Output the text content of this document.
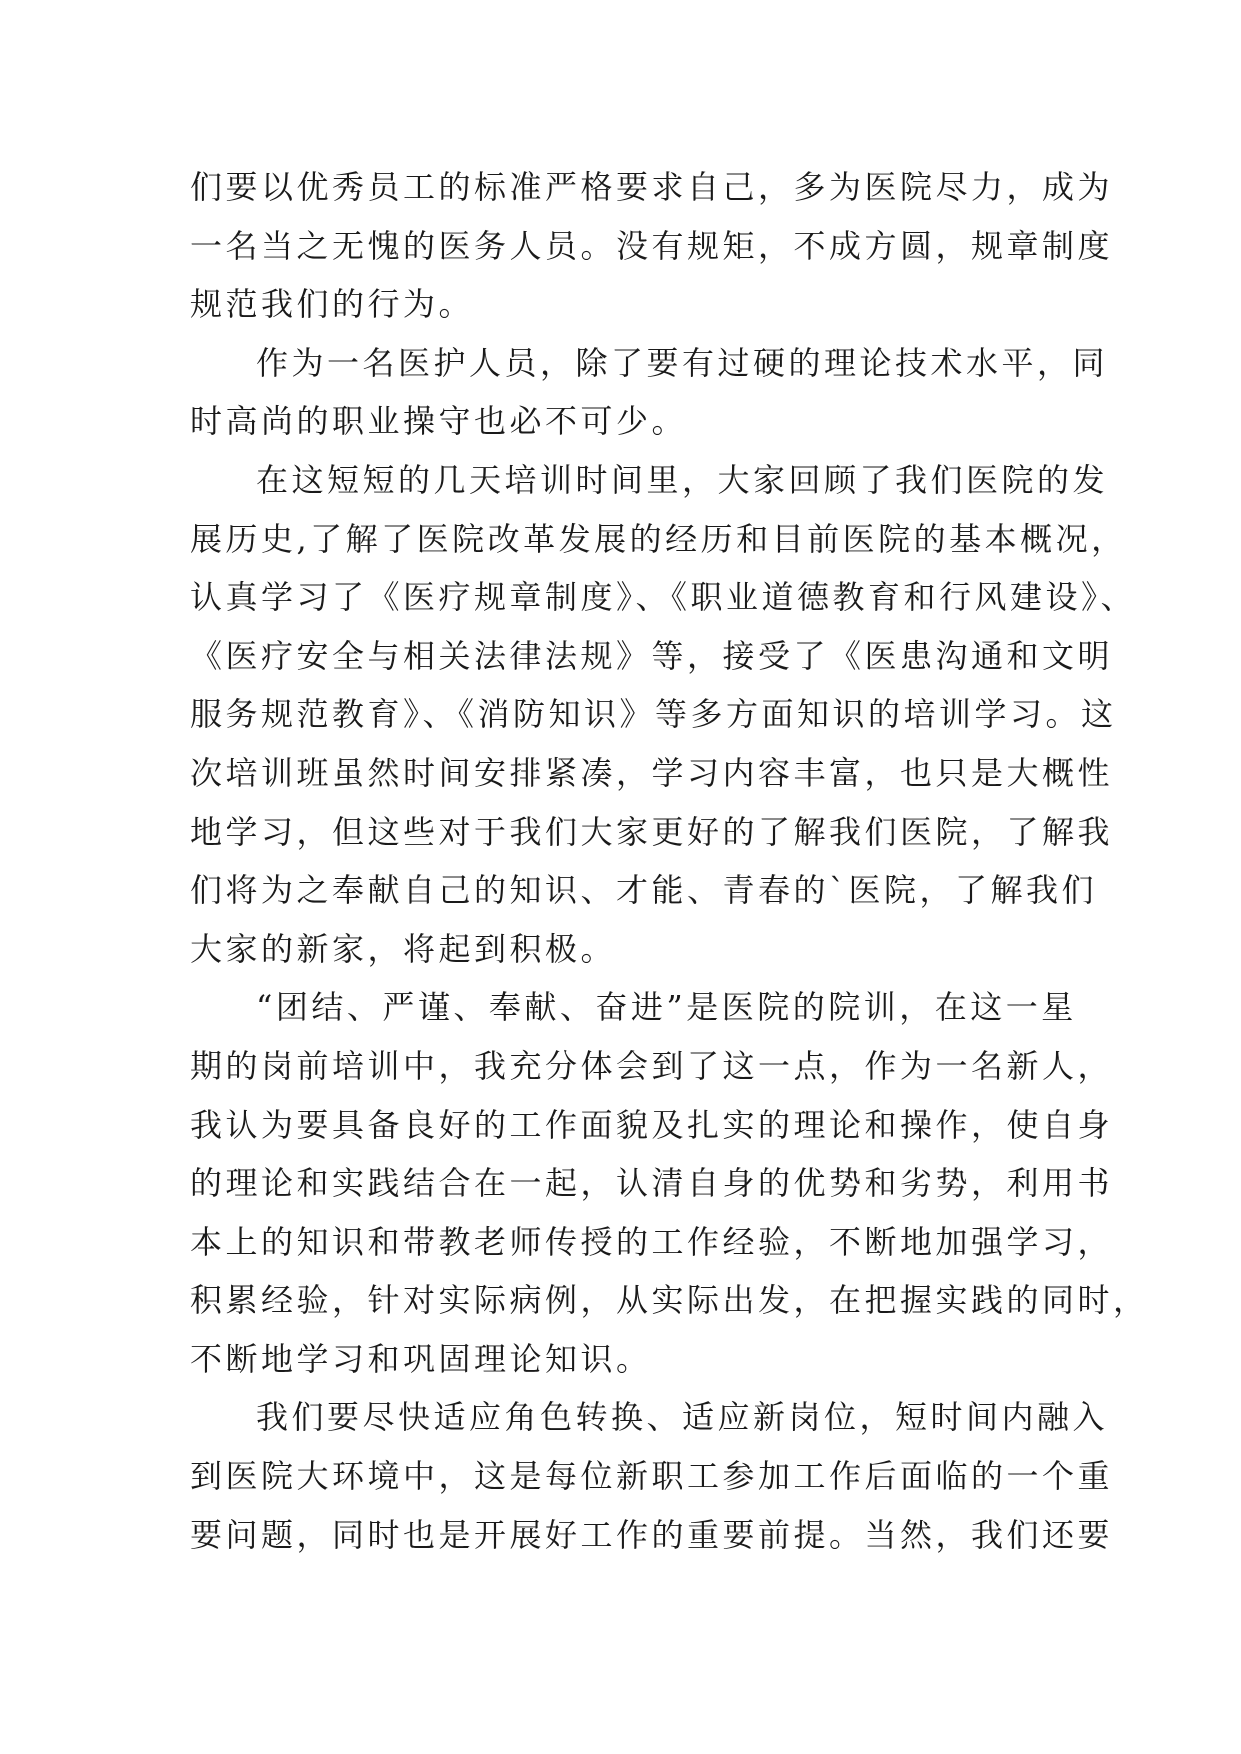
们要以优秀员工的标准严格要求自己，多为医院尽力，成为
一名当之无愧的医务人员。没有规矩，不成方圆，规章制度
规范我们的行为。
作为一名医护人员，除了要有过硬的理论技术水平，同
时高尚的职业操守也必不可少。
在这短短的几天培训时间里，大家回顾了我们医院的发
展历史,了解了医院改革发展的经历和目前医院的基本概况，
认真学习了《医疗规章制度》、《职业道德教育和行风建设》、
《医疗安全与相关法律法规》等，接受了《医患沟通和文明
服务规范教育》、《消防知识》等多方面知识的培训学习。这
次培训班虽然时间安排紧凑，学习内容丰富，也只是大概性
地学习，但这些对于我们大家更好的了解我们医院，了解我
们将为之奉献自己的知识、才能、青春的`医院，了解我们
大家的新家，将起到积极。
“团结、严谨、奉献、奋进”是医院的院训，在这一星
期的岗前培训中，我充分体会到了这一点，作为一名新人，
我认为要具备良好的工作面貌及扎实的理论和操作，使自身
的理论和实践结合在一起，认清自身的优势和劣势，利用书
本上的知识和带教老师传授的工作经验，不断地加强学习，
积累经验，针对实际病例，从实际出发，在把握实践的同时，
不断地学习和巩固理论知识。
我们要尽快适应角色转换、适应新岗位，短时间内融入
到医院大环境中，这是每位新职工参加工作后面临的一个重
要问题，同时也是开展好工作的重要前提。当然，我们还要
